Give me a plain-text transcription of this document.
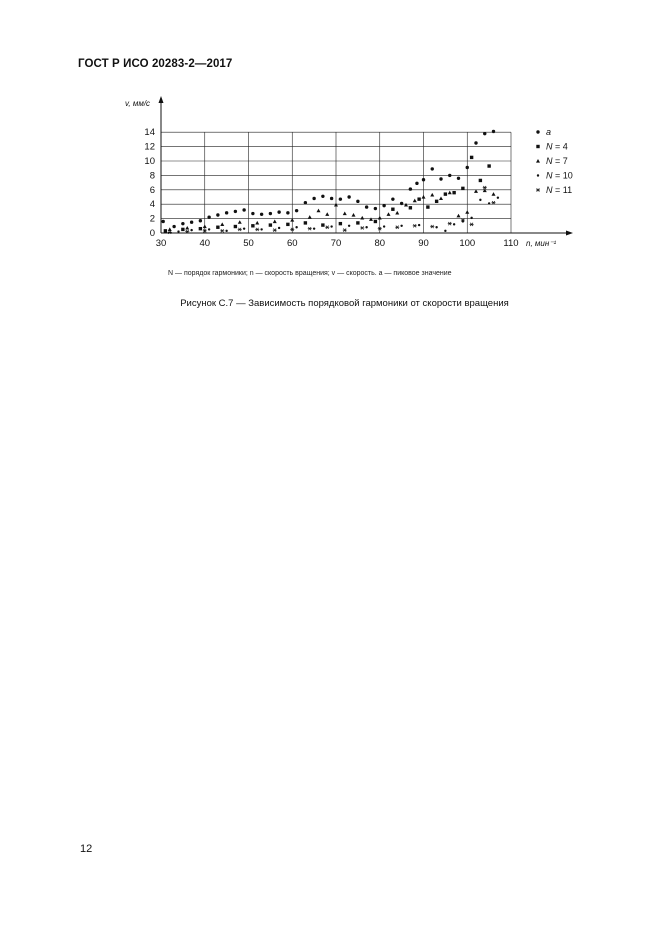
ГОСТ Р ИСО 20283-2—2017
0
2
4
6
8
10
12
14
30	40	50	60	70	80	90	100	110
a
N = 4
N = 7
N = 10
N = 11
v, мм/с
n, мин⁻¹
N — порядок гармоники; n — скорость вращения; v — скорость. a — пиковое значение
Рисунок С.7 — Зависимость порядковой гармоники от скорости вращения
12
